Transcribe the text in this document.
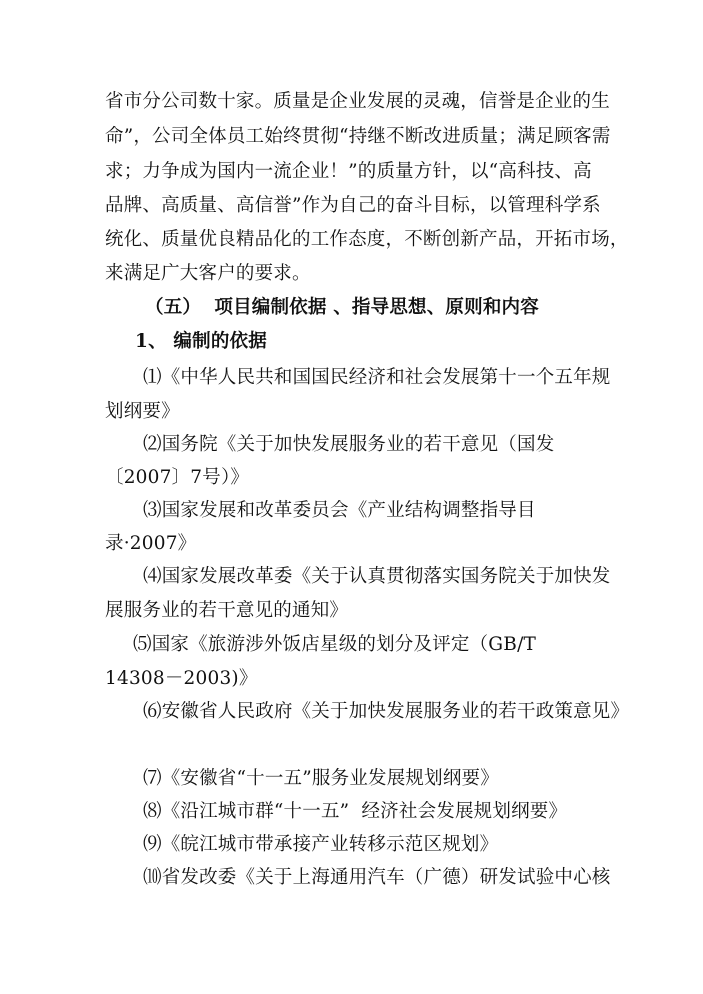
省市分公司数十家。质量是企业发展的灵魂，信誉是企业的生
命”，公司全体员工始终贯彻“持继不断改进质量；满足顾客需
求；力争成为国内一流企业！”的质量方针，以“高科技、高
品牌、高质量、高信誉”作为自己的奋斗目标，以管理科学系
统化、质量优良精品化的工作态度，不断创新产品，开拓市场，
来满足广大客户的要求。
（五）  项目编制依据 、指导思想、原则和内容
1、 编制的依据
⑴《中华人民共和国国民经济和社会发展第十一个五年规
划纲要》
⑵国务院《关于加快发展服务业的若干意见（国发
〔2007〕7号）》
⑶国家发展和改革委员会《产业结构调整指导目
录·2007》
⑷国家发展改革委《关于认真贯彻落实国务院关于加快发
展服务业的若干意见的通知》
⑸国家《旅游涉外饭店星级的划分及评定（GB/T
14308－2003)》
⑹安徽省人民政府《关于加快发展服务业的若干政策意见》
⑺《安徽省“十一五”服务业发展规划纲要》
⑻《沿江城市群“十一五”  经济社会发展规划纲要》
⑼《皖江城市带承接产业转移示范区规划》
⑽省发改委《关于上海通用汽车（广德）研发试验中心核
